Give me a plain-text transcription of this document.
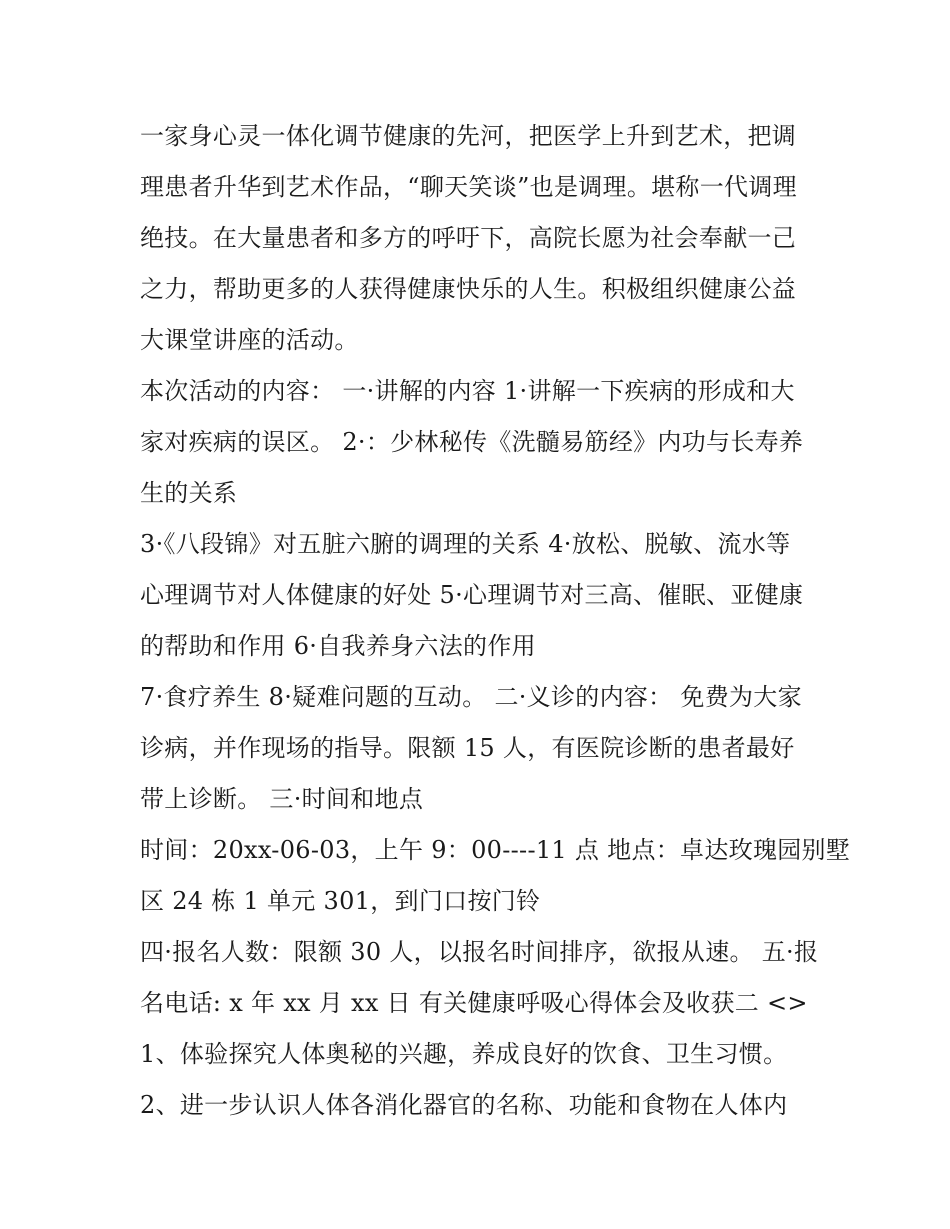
一家身心灵一体化调节健康的先河，把医学上升到艺术，把调
理患者升华到艺术作品，“聊天笑谈”也是调理。堪称一代调理
绝技。在大量患者和多方的呼吁下，高院长愿为社会奉献一己
之力，帮助更多的人获得健康快乐的人生。积极组织健康公益
大课堂讲座的活动。
本次活动的内容： 一·讲解的内容 1·讲解一下疾病的形成和大
家对疾病的误区。 2·：少林秘传《洗髓易筋经》内功与长寿养
生的关系
3·《八段锦》对五脏六腑的调理的关系 4·放松、脱敏、流水等
心理调节对人体健康的好处 5·心理调节对三高、催眠、亚健康
的帮助和作用 6·自我养身六法的作用
7·食疗养生 8·疑难问题的互动。 二·义诊的内容： 免费为大家
诊病，并作现场的指导。限额 15 人，有医院诊断的患者最好
带上诊断。 三·时间和地点
时间：20xx-06-03，上午 9：00----11 点 地点：卓达玫瑰园别墅
区 24 栋 1 单元 301，到门口按门铃
四·报名人数：限额 30 人，以报名时间排序，欲报从速。 五·报
名电话: x 年 xx 月 xx 日 有关健康呼吸心得体会及收获二 <>
1、体验探究人体奥秘的兴趣，养成良好的饮食、卫生习惯。
2、进一步认识人体各消化器官的名称、功能和食物在人体内
